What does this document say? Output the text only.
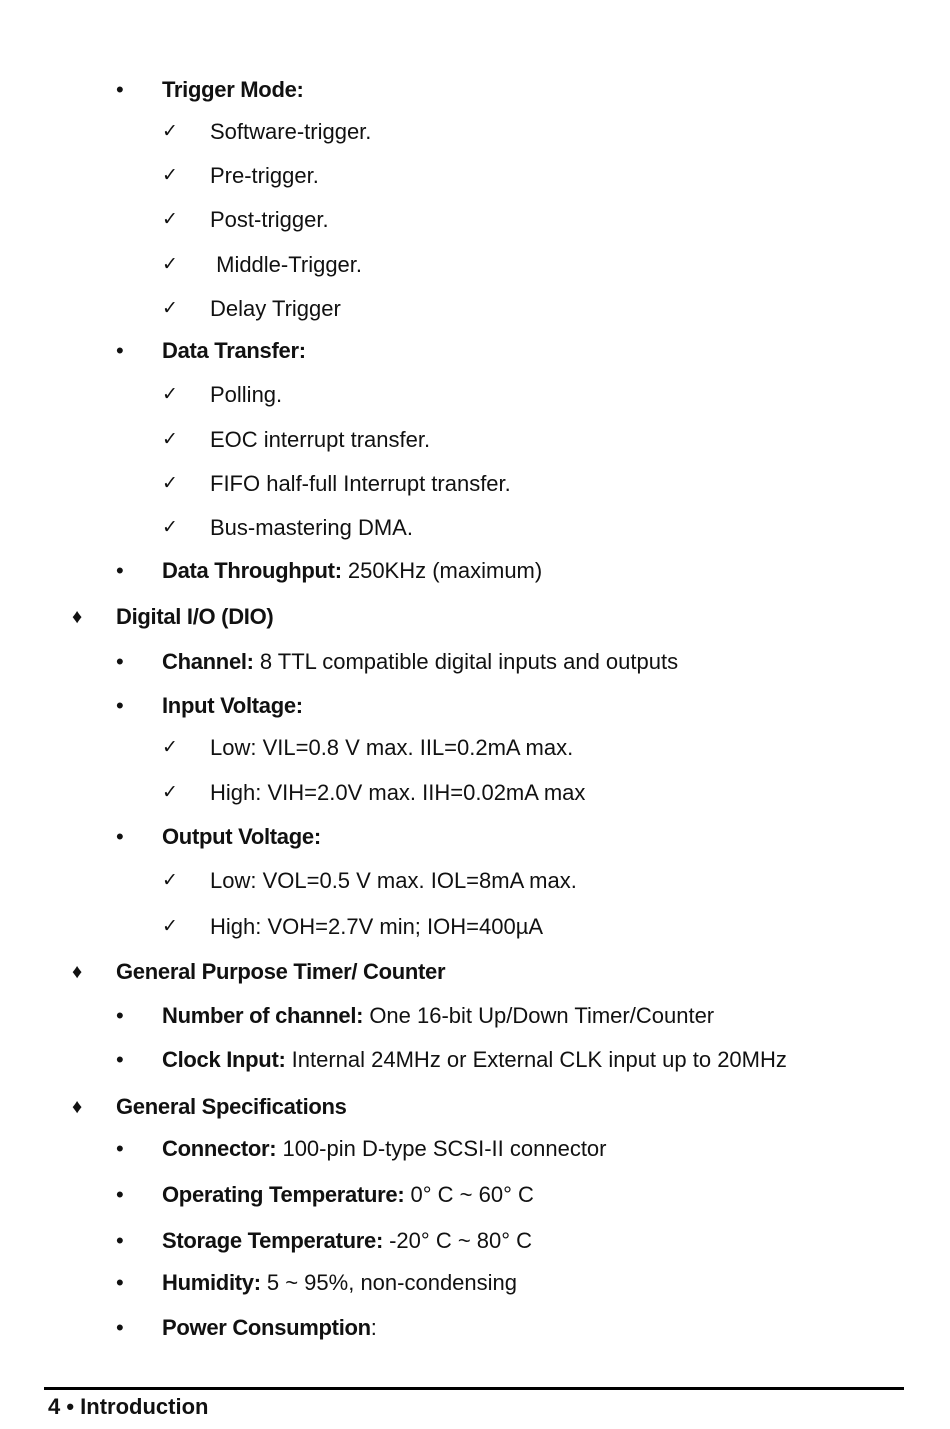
• Trigger Mode:
✓ Software-trigger.
✓ Pre-trigger.
✓ Post-trigger.
✓ Middle-Trigger.
✓ Delay Trigger
• Data Transfer:
✓ Polling.
✓ EOC interrupt transfer.
✓ FIFO half-full Interrupt transfer.
✓ Bus-mastering DMA.
• Data Throughput: 250KHz (maximum)
♦ Digital I/O (DIO)
• Channel: 8 TTL compatible digital inputs and outputs
• Input Voltage:
✓ Low: VIL=0.8 V max. IIL=0.2mA max.
✓ High: VIH=2.0V max. IIH=0.02mA max
• Output Voltage:
✓ Low: VOL=0.5 V max. IOL=8mA max.
✓ High: VOH=2.7V min; IOH=400µA
♦ General Purpose Timer/ Counter
• Number of channel: One 16-bit Up/Down Timer/Counter
• Clock Input: Internal 24MHz or External CLK input up to 20MHz
♦ General Specifications
• Connector: 100-pin D-type SCSI-II connector
• Operating Temperature: 0° C ~ 60° C
• Storage Temperature: -20° C ~ 80° C
• Humidity: 5 ~ 95%, non-condensing
• Power Consumption:
4 • Introduction
